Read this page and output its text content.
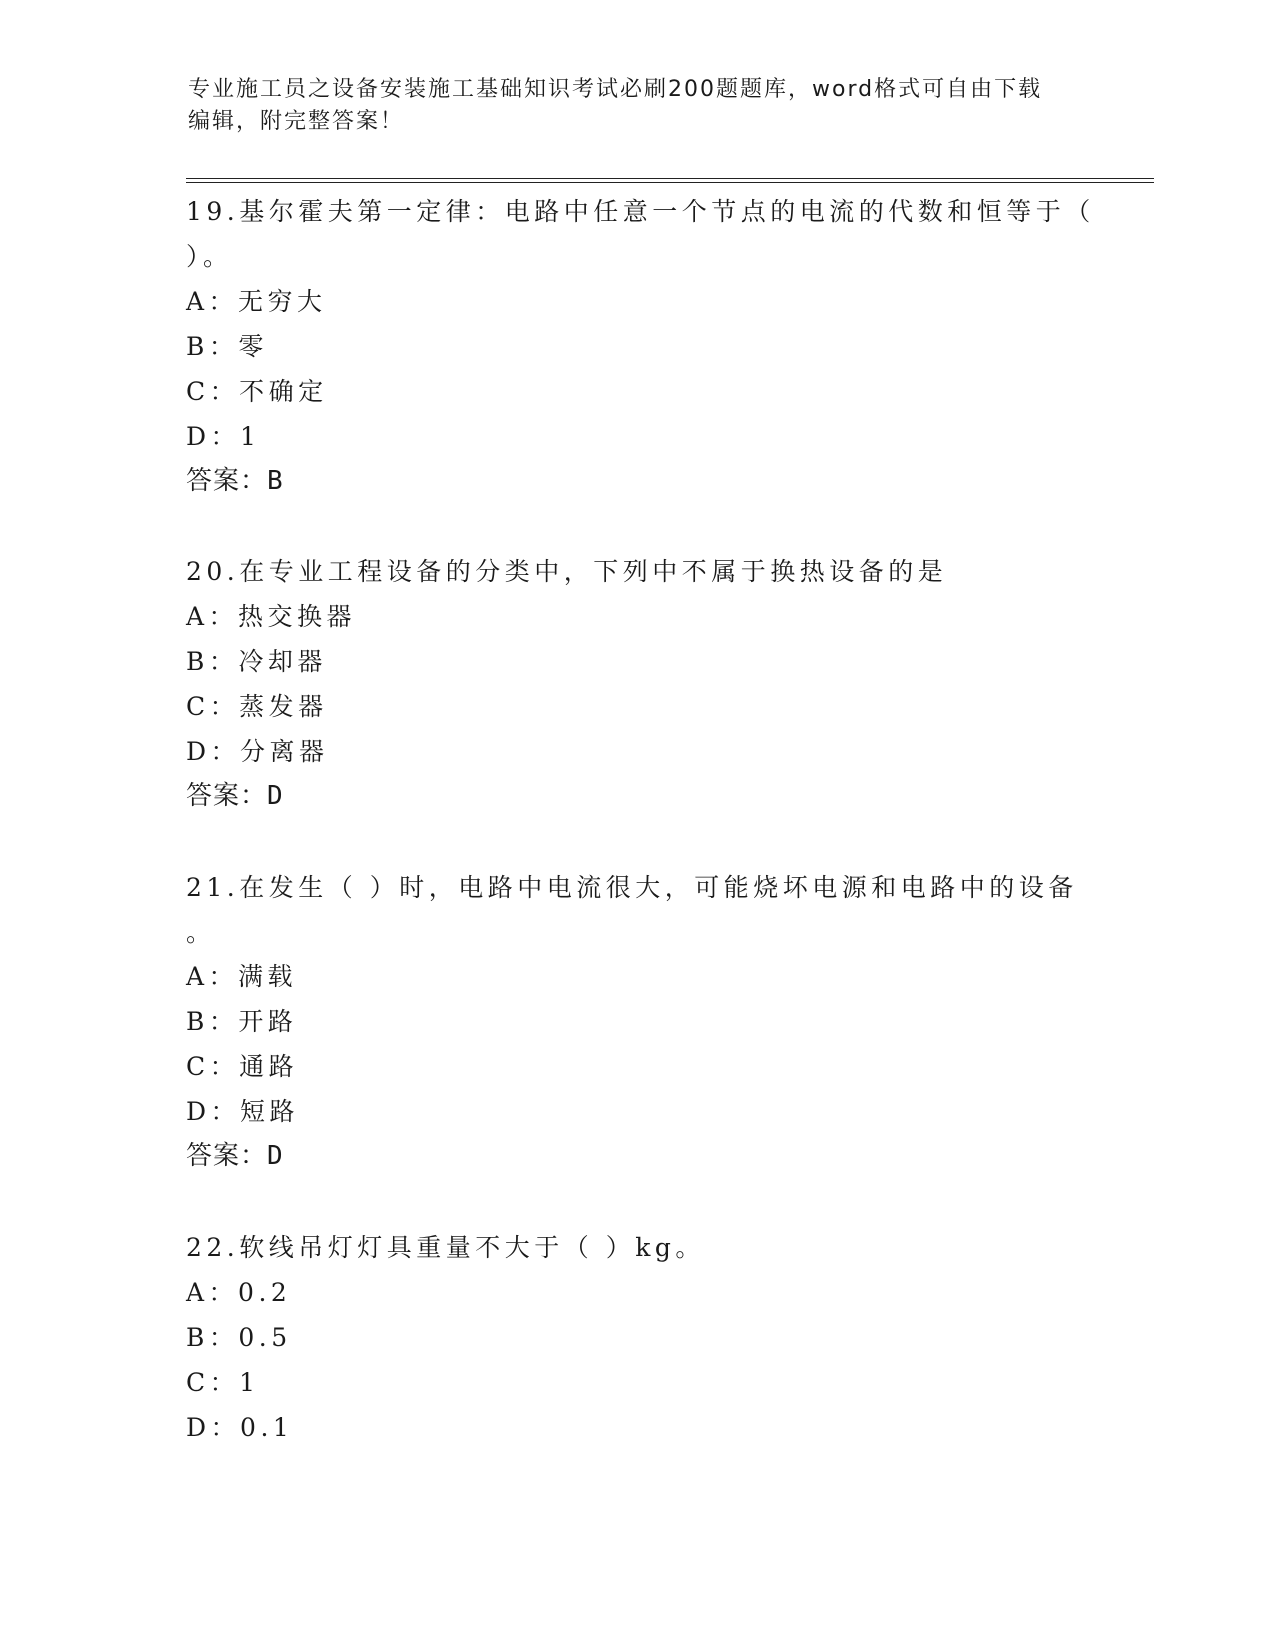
专业施工员之设备安装施工基础知识考试必刷200题题库，word格式可自由下载
编辑，附完整答案！
19.基尔霍夫第一定律：电路中任意一个节点的电流的代数和恒等于（
）。
A：无穷大
B：零
C：不确定
D：1
答案：B
20.在专业工程设备的分类中，下列中不属于换热设备的是
A：热交换器
B：冷却器
C：蒸发器
D：分离器
答案：D
21.在发生（ ）时，电路中电流很大，可能烧坏电源和电路中的设备
。
A：满载
B：开路
C：通路
D：短路
答案：D
22.软线吊灯灯具重量不大于（ ）kg。
A：0.2
B：0.5
C：1
D：0.1
